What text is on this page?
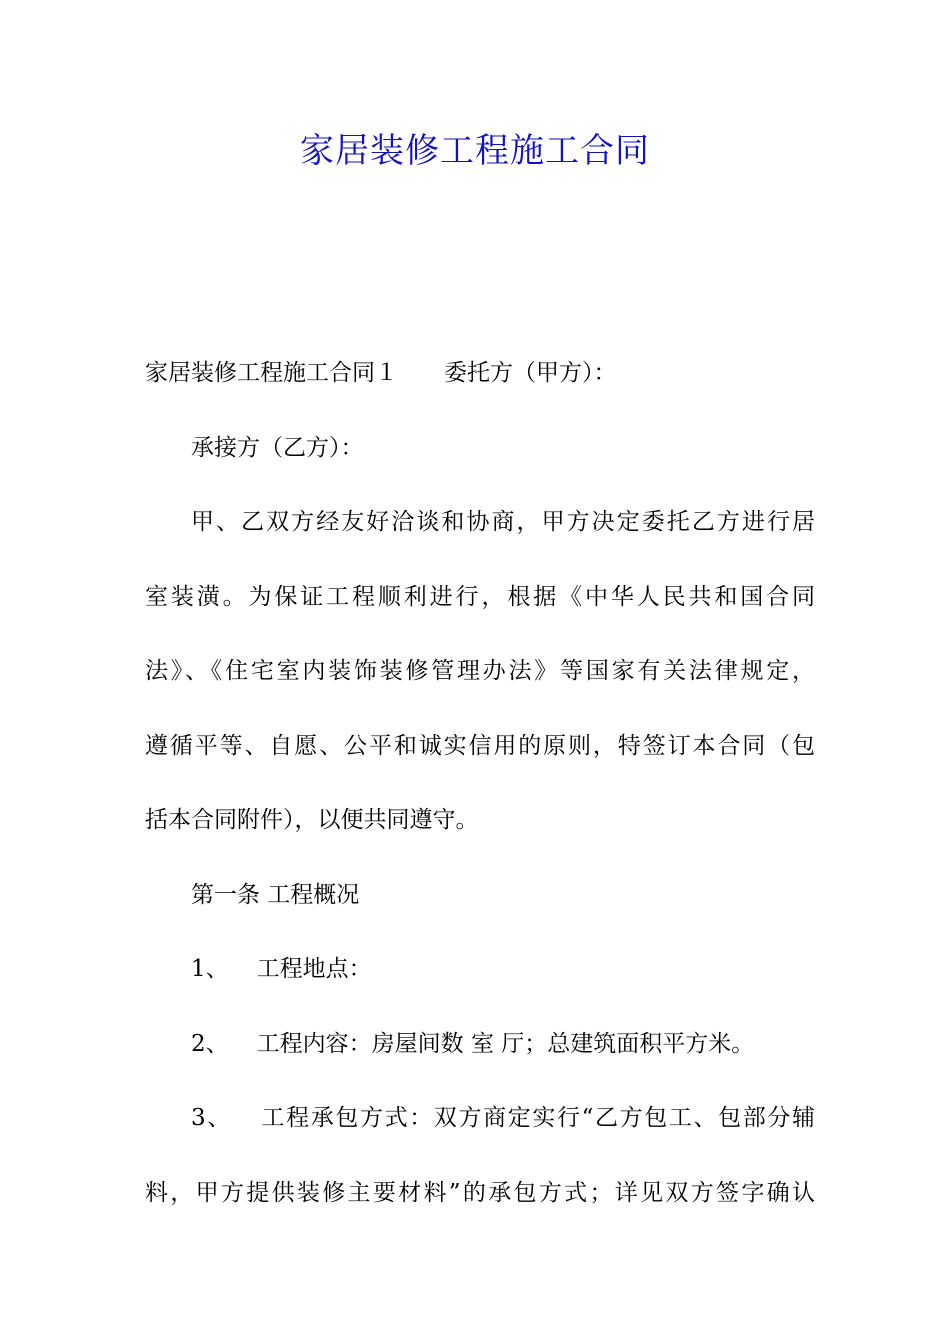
家居装修工程施工合同
家居装修工程施工合同１ 委托方（甲方）：
承接方（乙方）：
甲、乙双方经友好洽谈和协商，甲方决定委托乙方进行居
室装潢。为保证工程顺利进行，根据《中华人民共和国合同
法》、《住宅室内装饰装修管理办法》等国家有关法律规定，
遵循平等、自愿、公平和诚实信用的原则，特签订本合同（包
括本合同附件），以便共同遵守。
第一条 工程概况
1、 工程地点：
2、 工程内容：房屋间数 室 厅；总建筑面积平方米。
3、 工程承包方式：双方商定实行“乙方包工、包部分辅
料，甲方提供装修主要材料”的承包方式；详见双方签字确认
